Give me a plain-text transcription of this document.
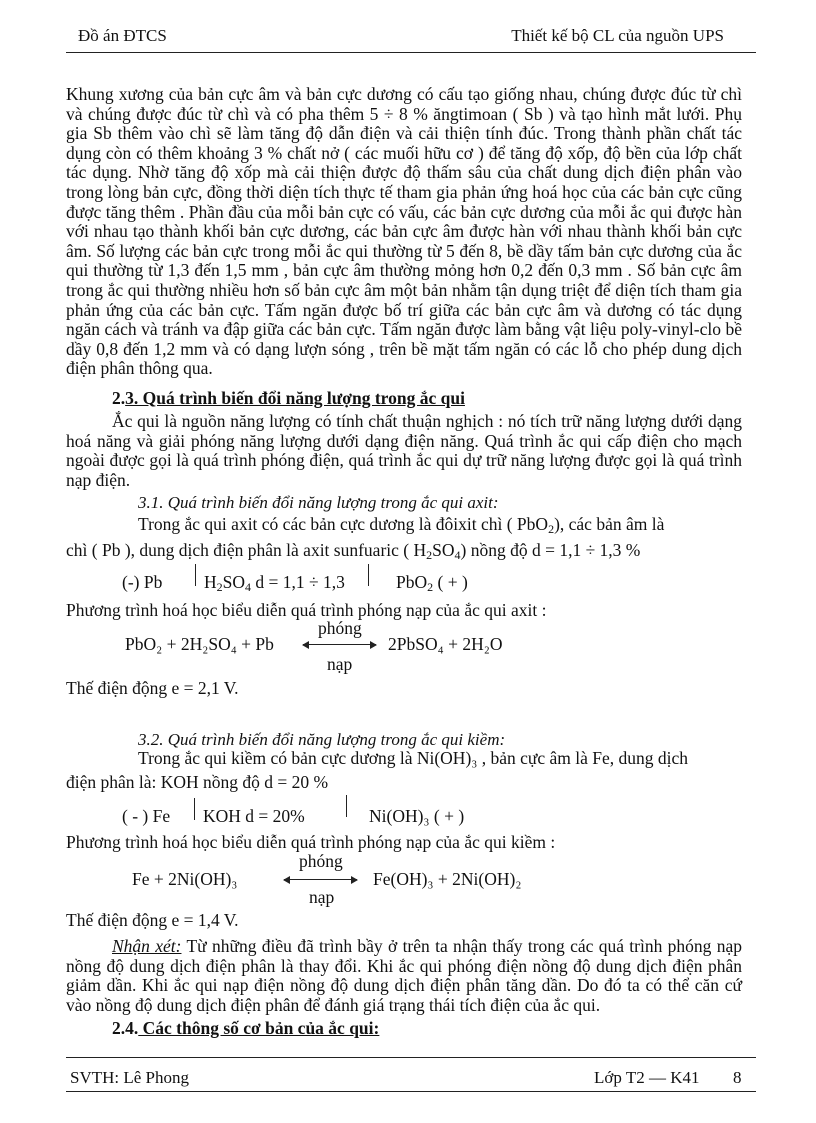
Đồ án ĐTCS	Thiết kế bộ CL của nguồn UPS

Khung xương của bản cực âm và bản cực dương có cấu tạo giống nhau, chúng được đúc từ chì và chúng được đúc từ chì và có pha thêm 5 ÷ 8 % ăngtimoan ( Sb ) và tạo hình mắt lưới. Phụ gia Sb thêm vào chì sẽ làm tăng độ dẫn điện và cải thiện tính đúc. Trong thành phần chất tác dụng còn có thêm khoảng 3 % chất nở ( các muối hữu cơ ) để tăng độ xốp, độ bền của lớp chất tác dụng. Nhờ tăng độ xốp mà cải thiện được độ thấm sâu của chất dung dịch điện phân vào trong lòng bản cực, đồng thời diện tích thực tế tham gia phản ứng hoá học của các bản cực cũng được tăng thêm . Phần đầu của mỗi bản cực có vấu, các bản cực dương của mỗi ắc qui được hàn với nhau tạo thành khối bản cực dương, các bản cực âm được hàn với nhau thành khối bản cực âm. Số lượng các bản cực trong mỗi ắc qui thường từ 5 đến 8, bề dầy tấm bản cực dương của ắc qui thường từ 1,3 đến 1,5 mm , bản cực âm thường mỏng hơn 0,2 đến 0,3 mm . Số bản cực âm trong ắc qui thường nhiều hơn số bản cực âm một bản nhằm tận dụng triệt để diện tích tham gia phản ứng của các bản cực. Tấm ngăn được bố trí giữa các bản cực âm và dương có tác dụng ngăn cách và tránh va đập giữa các bản cực. Tấm ngăn được làm bằng vật liệu poly-vinyl-clo bề dầy 0,8 đến 1,2 mm và có dạng lượn sóng , trên bề mặt tấm ngăn có các lỗ cho phép dung dịch điện phân thông qua.

2.3. Quá trình biến đổi năng lượng trong ắc qui

Ắc qui là nguồn năng lượng có tính chất thuận nghịch : nó tích trữ năng lượng dưới dạng hoá năng và giải phóng năng lượng dưới dạng điện năng. Quá trình ắc qui cấp điện cho mạch ngoài được gọi là quá trình phóng điện, quá trình ắc qui dự trữ năng lượng được gọi là quá trình nạp điện.

3.1. Quá trình biến đổi năng lượng trong ắc qui axit:
Trong ắc qui axit có các bản cực dương là đôixit chì ( PbO$_2$), các bản âm là
chì ( Pb ), dung dịch điện phân là axit sunfuaric ( $H_2SO_4$) nồng độ d = 1,1 ÷ 1,3 %
(-) Pb $H_2SO_4$ d = 1,1 ÷ 1,3	PbO$_2$ ( + )
Phương trình hoá học biểu diễn quá trình phóng nạp của ắc qui axit :
PbO₂ + 2H₂SO₄ + Pb
phóng
nạp
2PbSO₄ + 2H₂O
Thế điện động e = 2,1 V.
3.2. Quá trình biến đổi năng lượng trong ắc qui kiềm:
Trong ắc qui kiềm có bản cực dương là Ni(OH)₃ , bản cực âm là Fe, dung dịch
điện phân là: KOH nồng độ d = 20 %
( - ) Fe KOH d = 20%	Ni(OH)₃ ( + )
Phương trình hoá học biểu diễn quá trình phóng nạp của ắc qui kiềm :
phóng
Fe + 2Ni(OH)₃
nạp
Fe(OH)₃ + 2Ni(OH)₂
Thế điện động e = 1,4 V.

Nhận xét: Từ những điều đã trình bầy ở trên ta nhận thấy trong các quá trình phóng nạp nồng độ dung dịch điện phân là thay đổi. Khi ắc qui phóng điện nồng độ dung dịch điện phân giảm dần. Khi ắc qui nạp điện nồng độ dung dịch điện phân tăng dần. Do đó ta có thể căn cứ vào nồng độ dung dịch điện phân để đánh giá trạng thái tích điện của ắc qui.

2.4. Các thông số cơ bản của ắc qui:
SVTH: Lê Phong	Lớp T2 — K41 8
